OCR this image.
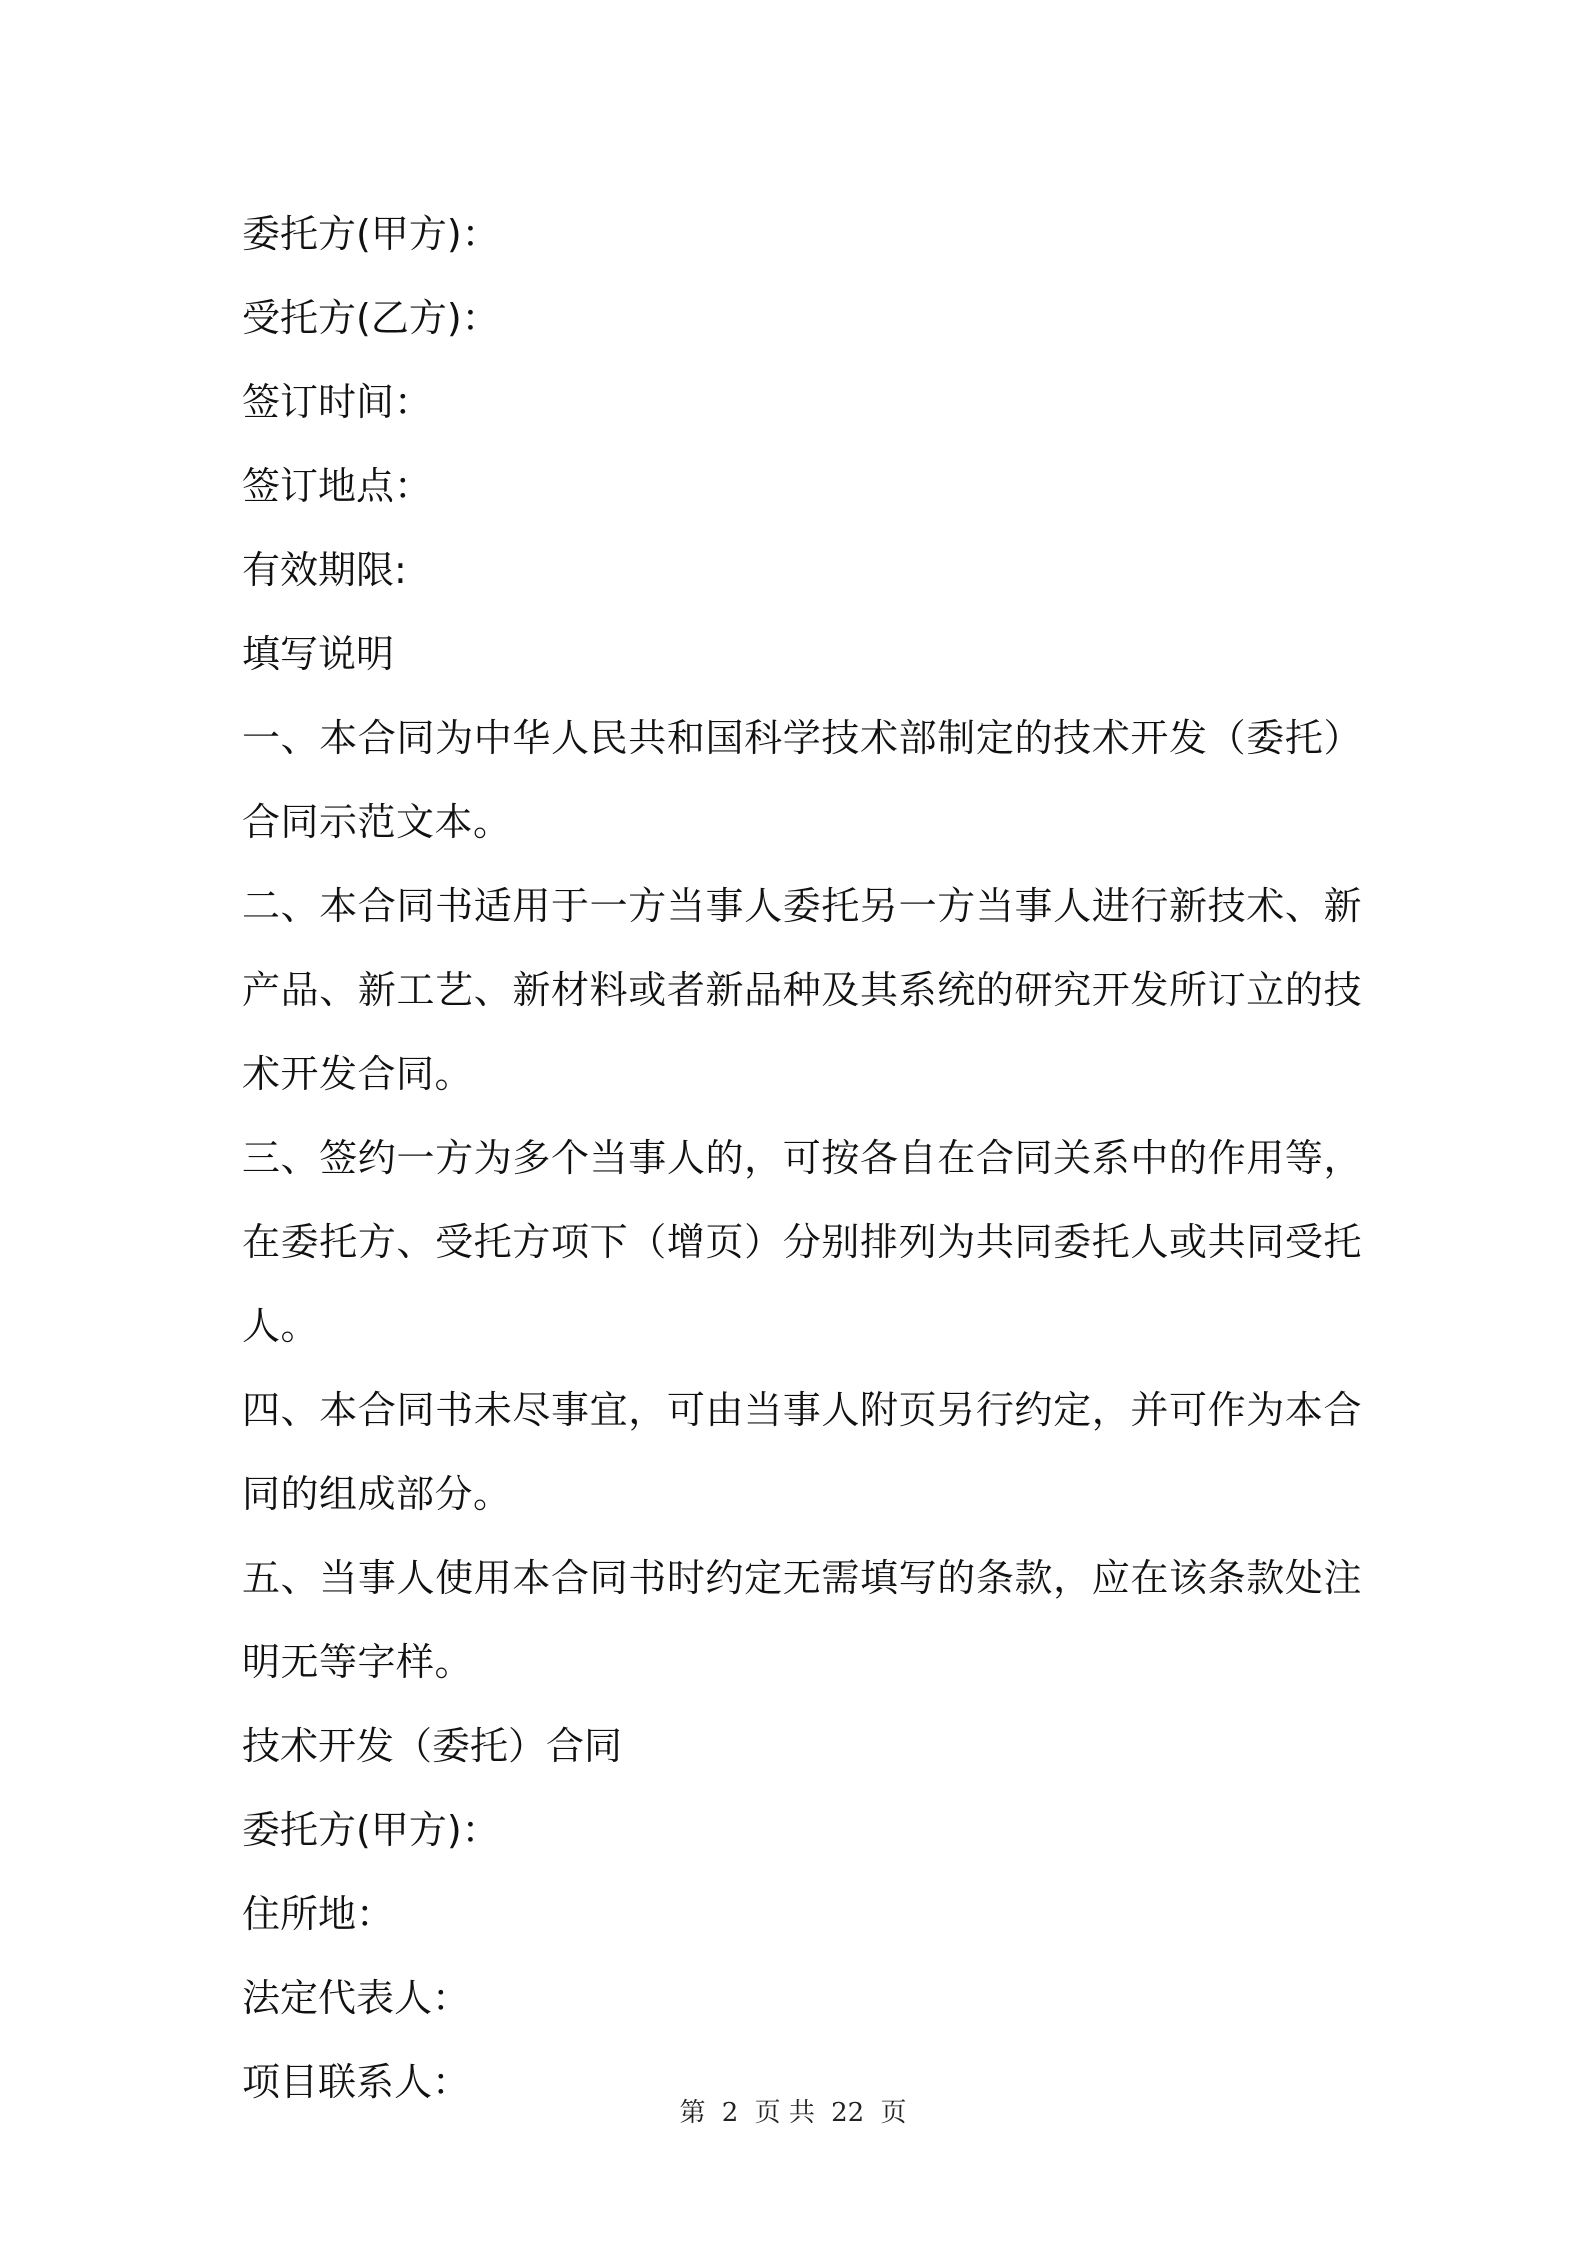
委托方(甲方)：

受托方(乙方)：

签订时间：

签订地点：

有效期限:

填写说明

一、本合同为中华人民共和国科学技术部制定的技术开发（委托）合同示范文本。

二、本合同书适用于一方当事人委托另一方当事人进行新技术、新产品、新工艺、新材料或者新品种及其系统的研究开发所订立的技术开发合同。

三、签约一方为多个当事人的，可按各自在合同关系中的作用等，在委托方、受托方项下（增页）分别排列为共同委托人或共同受托人。

四、本合同书未尽事宜，可由当事人附页另行约定，并可作为本合同的组成部分。

五、当事人使用本合同书时约定无需填写的条款，应在该条款处注明无等字样。

技术开发（委托）合同

委托方(甲方)：

住所地：

法定代表人：

项目联系人：

第 2 页 共 22 页
